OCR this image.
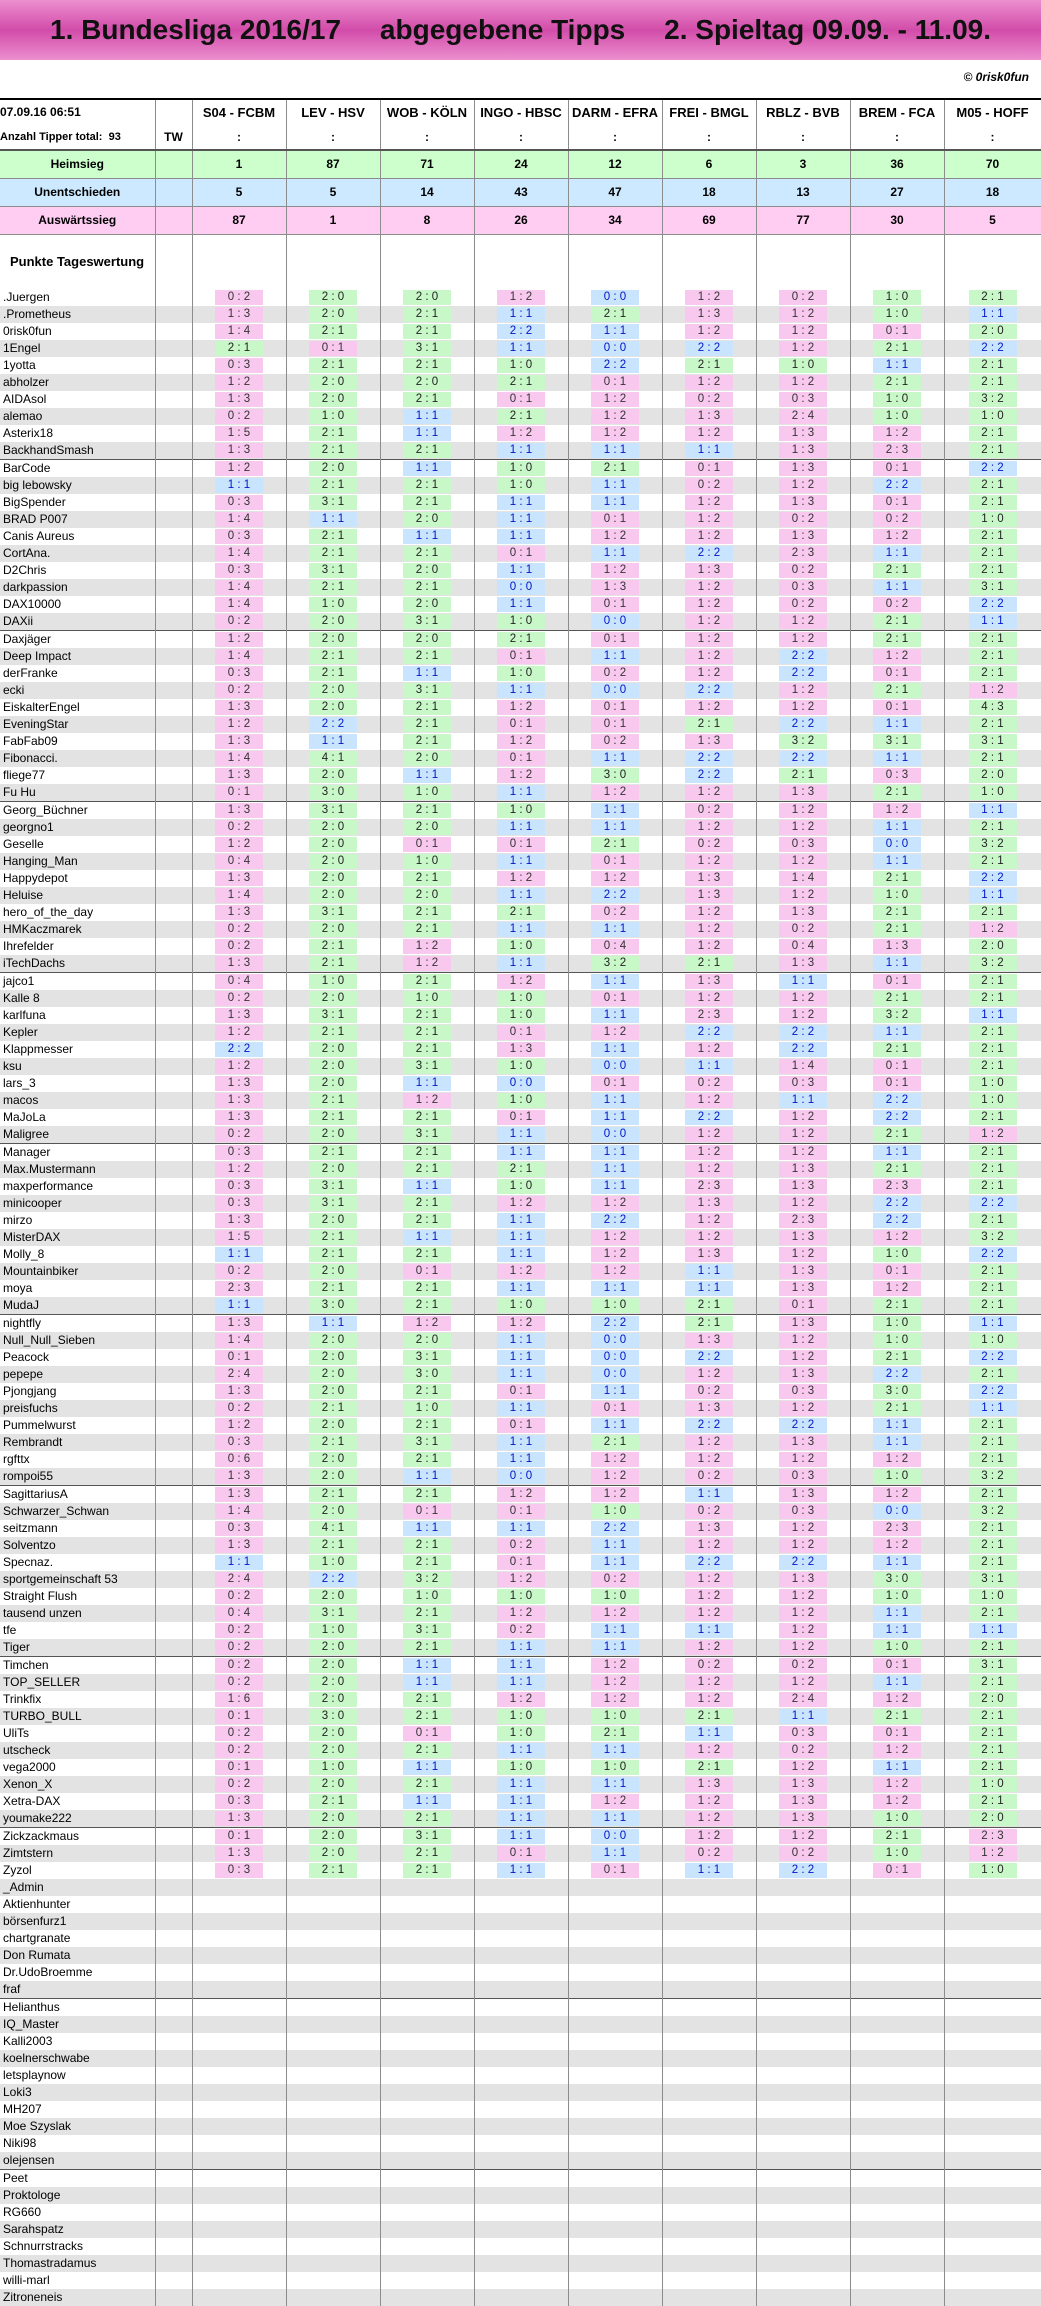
1. Bundesliga 2016/17     abgegebene Tipps     2. Spieltag 09.09. - 11.09.
© 0risk0fun
07.09.16 06:51		S04 - FCBM	LEV - HSV	WOB - KÖLN	INGO - HBSC	DARM - EFRA	FREI - BMGL	RBLZ - BVB	BREM - FCA	M05 - HOFF
Anzahl Tipper total: 93	TW	:	:	:	:	:	:	:	:	:
Heimsieg		1	87	71	24	12	6	3	36	70
Unentschieden		5	5	14	43	47	18	13	27	18
Auswärtssieg		87	1	8	26	34	69	77	30	5
Punkte Tageswertung										
.Juergen		0 : 2	2 : 0	2 : 0	1 : 2	0 : 0	1 : 2	0 : 2	1 : 0	2 : 1

.Prometheus		1 : 3	2 : 0	2 : 1	1 : 1	2 : 1	1 : 3	1 : 2	1 : 0	1 : 1

0risk0fun		1 : 4	2 : 1	2 : 1	2 : 2	1 : 1	1 : 2	1 : 2	0 : 1	2 : 0

1Engel		2 : 1	0 : 1	3 : 1	1 : 1	0 : 0	2 : 2	1 : 2	2 : 1	2 : 2

1yotta		0 : 3	2 : 1	2 : 1	1 : 0	2 : 2	2 : 1	1 : 0	1 : 1	2 : 1

abholzer		1 : 2	2 : 0	2 : 0	2 : 1	0 : 1	1 : 2	1 : 2	2 : 1	2 : 1

AIDAsol		1 : 3	2 : 0	2 : 1	0 : 1	1 : 2	0 : 2	0 : 3	1 : 0	3 : 2

alemao		0 : 2	1 : 0	1 : 1	2 : 1	1 : 2	1 : 3	2 : 4	1 : 0	1 : 0

Asterix18		1 : 5	2 : 1	1 : 1	1 : 2	1 : 2	1 : 2	1 : 3	1 : 2	2 : 1

BackhandSmash		1 : 3	2 : 1	2 : 1	1 : 1	1 : 1	1 : 1	1 : 3	2 : 3	2 : 1

BarCode		1 : 2	2 : 0	1 : 1	1 : 0	2 : 1	0 : 1	1 : 3	0 : 1	2 : 2

big lebowsky		1 : 1	2 : 1	2 : 1	1 : 0	1 : 1	0 : 2	1 : 2	2 : 2	2 : 1

BigSpender		0 : 3	3 : 1	2 : 1	1 : 1	1 : 1	1 : 2	1 : 3	0 : 1	2 : 1

BRAD P007		1 : 4	1 : 1	2 : 0	1 : 1	0 : 1	1 : 2	0 : 2	0 : 2	1 : 0

Canis Aureus		0 : 3	2 : 1	1 : 1	1 : 1	1 : 2	1 : 2	1 : 3	1 : 2	2 : 1

CortAna.		1 : 4	2 : 1	2 : 1	0 : 1	1 : 1	2 : 2	2 : 3	1 : 1	2 : 1

D2Chris		0 : 3	3 : 1	2 : 0	1 : 1	1 : 2	1 : 3	0 : 2	2 : 1	2 : 1

darkpassion		1 : 4	2 : 1	2 : 1	0 : 0	1 : 3	1 : 2	0 : 3	1 : 1	3 : 1

DAX10000		1 : 4	1 : 0	2 : 0	1 : 1	0 : 1	1 : 2	0 : 2	0 : 2	2 : 2

DAXii		0 : 2	2 : 0	3 : 1	1 : 0	0 : 0	1 : 2	1 : 2	2 : 1	1 : 1

Daxjäger		1 : 2	2 : 0	2 : 0	2 : 1	0 : 1	1 : 2	1 : 2	2 : 1	2 : 1

Deep Impact		1 : 4	2 : 1	2 : 1	0 : 1	1 : 1	1 : 2	2 : 2	1 : 2	2 : 1

derFranke		0 : 3	2 : 1	1 : 1	1 : 0	0 : 2	1 : 2	2 : 2	0 : 1	2 : 1

ecki		0 : 2	2 : 0	3 : 1	1 : 1	0 : 0	2 : 2	1 : 2	2 : 1	1 : 2

EiskalterEngel		1 : 3	2 : 0	2 : 1	1 : 2	0 : 1	1 : 2	1 : 2	0 : 1	4 : 3

EveningStar		1 : 2	2 : 2	2 : 1	0 : 1	0 : 1	2 : 1	2 : 2	1 : 1	2 : 1

FabFab09		1 : 3	1 : 1	2 : 1	1 : 2	0 : 2	1 : 3	3 : 2	3 : 1	3 : 1

Fibonacci.		1 : 4	4 : 1	2 : 0	0 : 1	1 : 1	2 : 2	2 : 2	1 : 1	2 : 1

fliege77		1 : 3	2 : 0	1 : 1	1 : 2	3 : 0	2 : 2	2 : 1	0 : 3	2 : 0

Fu Hu		0 : 1	3 : 0	1 : 0	1 : 1	1 : 2	1 : 2	1 : 3	2 : 1	1 : 0

Georg_Büchner		1 : 3	3 : 1	2 : 1	1 : 0	1 : 1	0 : 2	1 : 2	1 : 2	1 : 1

georgno1		0 : 2	2 : 0	2 : 0	1 : 1	1 : 1	1 : 2	1 : 2	1 : 1	2 : 1

Geselle		1 : 2	2 : 0	0 : 1	0 : 1	2 : 1	0 : 2	0 : 3	0 : 0	3 : 2

Hanging_Man		0 : 4	2 : 0	1 : 0	1 : 1	0 : 1	1 : 2	1 : 2	1 : 1	2 : 1

Happydepot		1 : 3	2 : 0	2 : 1	1 : 2	1 : 2	1 : 3	1 : 4	2 : 1	2 : 2

Heluise		1 : 4	2 : 0	2 : 0	1 : 1	2 : 2	1 : 3	1 : 2	1 : 0	1 : 1

hero_of_the_day		1 : 3	3 : 1	2 : 1	2 : 1	0 : 2	1 : 2	1 : 3	2 : 1	2 : 1

HMKaczmarek		0 : 2	2 : 0	2 : 1	1 : 1	1 : 1	1 : 2	0 : 2	2 : 1	1 : 2

Ihrefelder		0 : 2	2 : 1	1 : 2	1 : 0	0 : 4	1 : 2	0 : 4	1 : 3	2 : 0

iTechDachs		1 : 3	2 : 1	1 : 2	1 : 1	3 : 2	2 : 1	1 : 3	1 : 1	3 : 2

jajco1		0 : 4	1 : 0	2 : 1	1 : 2	1 : 1	1 : 3	1 : 1	0 : 1	2 : 1

Kalle 8		0 : 2	2 : 0	1 : 0	1 : 0	0 : 1	1 : 2	1 : 2	2 : 1	2 : 1

karlfuna		1 : 3	3 : 1	2 : 1	1 : 0	1 : 1	2 : 3	1 : 2	3 : 2	1 : 1

Kepler		1 : 2	2 : 1	2 : 1	0 : 1	1 : 2	2 : 2	2 : 2	1 : 1	2 : 1

Klappmesser		2 : 2	2 : 0	2 : 1	1 : 3	1 : 1	1 : 2	2 : 2	2 : 1	2 : 1

ksu		1 : 2	2 : 0	3 : 1	1 : 0	0 : 0	1 : 1	1 : 4	0 : 1	2 : 1

lars_3		1 : 3	2 : 0	1 : 1	0 : 0	0 : 1	0 : 2	0 : 3	0 : 1	1 : 0

macos		1 : 3	2 : 1	1 : 2	1 : 0	1 : 1	1 : 2	1 : 1	2 : 2	1 : 0

MaJoLa		1 : 3	2 : 1	2 : 1	0 : 1	1 : 1	2 : 2	1 : 2	2 : 2	2 : 1

Maligree		0 : 2	2 : 0	3 : 1	1 : 1	0 : 0	1 : 2	1 : 2	2 : 1	1 : 2

Manager		0 : 3	2 : 1	2 : 1	1 : 1	1 : 1	1 : 2	1 : 2	1 : 1	2 : 1

Max.Mustermann		1 : 2	2 : 0	2 : 1	2 : 1	1 : 1	1 : 2	1 : 3	2 : 1	2 : 1

maxperformance		0 : 3	3 : 1	1 : 1	1 : 0	1 : 1	2 : 3	1 : 3	2 : 3	2 : 1

minicooper		0 : 3	3 : 1	2 : 1	1 : 2	1 : 2	1 : 3	1 : 2	2 : 2	2 : 2

mirzo		1 : 3	2 : 0	2 : 1	1 : 1	2 : 2	1 : 2	2 : 3	2 : 2	2 : 1

MisterDAX		1 : 5	2 : 1	1 : 1	1 : 1	1 : 2	1 : 2	1 : 3	1 : 2	3 : 2

Molly_8		1 : 1	2 : 1	2 : 1	1 : 1	1 : 2	1 : 3	1 : 2	1 : 0	2 : 2

Mountainbiker		0 : 2	2 : 0	0 : 1	1 : 2	1 : 2	1 : 1	1 : 3	0 : 1	2 : 1

moya		2 : 3	2 : 1	2 : 1	1 : 1	1 : 1	1 : 1	1 : 3	1 : 2	2 : 1

MudaJ		1 : 1	3 : 0	2 : 1	1 : 0	1 : 0	2 : 1	0 : 1	2 : 1	2 : 1

nightfly		1 : 3	1 : 1	1 : 2	1 : 2	2 : 2	2 : 1	1 : 3	1 : 0	1 : 1

Null_Null_Sieben		1 : 4	2 : 0	2 : 0	1 : 1	0 : 0	1 : 3	1 : 2	1 : 0	1 : 0

Peacock		0 : 1	2 : 0	3 : 1	1 : 1	0 : 0	2 : 2	1 : 2	2 : 1	2 : 2

pepepe		2 : 4	2 : 0	3 : 0	1 : 1	0 : 0	1 : 2	1 : 3	2 : 2	2 : 1

Pjongjang		1 : 3	2 : 0	2 : 1	0 : 1	1 : 1	0 : 2	0 : 3	3 : 0	2 : 2

preisfuchs		0 : 2	2 : 1	1 : 0	1 : 1	0 : 1	1 : 3	1 : 2	2 : 1	1 : 1

Pummelwurst		1 : 2	2 : 0	2 : 1	0 : 1	1 : 1	2 : 2	2 : 2	1 : 1	2 : 1

Rembrandt		0 : 3	2 : 1	3 : 1	1 : 1	2 : 1	1 : 2	1 : 3	1 : 1	2 : 1

rgfttx		0 : 6	2 : 0	2 : 1	1 : 1	1 : 2	1 : 2	1 : 2	1 : 2	2 : 1

rompoi55		1 : 3	2 : 0	1 : 1	0 : 0	1 : 2	0 : 2	0 : 3	1 : 0	3 : 2

SagittariusA		1 : 3	2 : 1	2 : 1	1 : 2	1 : 2	1 : 1	1 : 3	1 : 2	2 : 1

Schwarzer_Schwan		1 : 4	2 : 0	0 : 1	0 : 1	1 : 0	0 : 2	0 : 3	0 : 0	3 : 2

seitzmann		0 : 3	4 : 1	1 : 1	1 : 1	2 : 2	1 : 3	1 : 2	2 : 3	2 : 1

Solventzo		1 : 3	2 : 1	2 : 1	0 : 2	1 : 1	1 : 2	1 : 2	1 : 2	2 : 1

Specnaz.		1 : 1	1 : 0	2 : 1	0 : 1	1 : 1	2 : 2	2 : 2	1 : 1	2 : 1

sportgemeinschaft 53		2 : 4	2 : 2	3 : 2	1 : 2	0 : 2	1 : 2	1 : 3	3 : 0	3 : 1

Straight Flush		0 : 2	2 : 0	1 : 0	1 : 0	1 : 0	1 : 2	1 : 2	1 : 0	1 : 0

tausend unzen		0 : 4	3 : 1	2 : 1	1 : 2	1 : 2	1 : 2	1 : 2	1 : 1	2 : 1

tfe		0 : 2	1 : 0	3 : 1	0 : 2	1 : 1	1 : 1	1 : 2	1 : 1	1 : 1

Tiger		0 : 2	2 : 0	2 : 1	1 : 1	1 : 1	1 : 2	1 : 2	1 : 0	2 : 1

Timchen		0 : 2	2 : 0	1 : 1	1 : 1	1 : 2	0 : 2	0 : 2	0 : 1	3 : 1

TOP_SELLER		0 : 2	2 : 0	1 : 1	1 : 1	1 : 2	1 : 2	1 : 2	1 : 1	2 : 1

Trinkfix		1 : 6	2 : 0	2 : 1	1 : 2	1 : 2	1 : 2	2 : 4	1 : 2	2 : 0

TURBO_BULL		0 : 1	3 : 0	2 : 1	1 : 0	1 : 0	2 : 1	1 : 1	2 : 1	2 : 1

UliTs		0 : 2	2 : 0	0 : 1	1 : 0	2 : 1	1 : 1	0 : 3	0 : 1	2 : 1

utscheck		0 : 2	2 : 0	2 : 1	1 : 1	1 : 1	1 : 2	0 : 2	1 : 2	2 : 1

vega2000		0 : 1	1 : 0	1 : 1	1 : 0	1 : 0	2 : 1	1 : 2	1 : 1	2 : 1

Xenon_X		0 : 2	2 : 0	2 : 1	1 : 1	1 : 1	1 : 3	1 : 3	1 : 2	1 : 0

Xetra-DAX		0 : 3	2 : 1	1 : 1	1 : 1	1 : 2	1 : 2	1 : 3	1 : 2	2 : 1

youmake222		1 : 3	2 : 0	2 : 1	1 : 1	1 : 1	1 : 2	1 : 3	1 : 0	2 : 0

Zickzackmaus		0 : 1	2 : 0	3 : 1	1 : 1	0 : 0	1 : 2	1 : 2	2 : 1	2 : 3

Zimtstern		1 : 3	2 : 0	2 : 1	0 : 1	1 : 1	0 : 2	0 : 2	1 : 0	1 : 2

Zyzol		0 : 3	2 : 1	2 : 1	1 : 1	0 : 1	1 : 1	2 : 2	0 : 1	1 : 0

_Admin										
Aktienhunter										
börsenfurz1										
chartgranate										
Don Rumata										
Dr.UdoBroemme										
fraf										
Helianthus										
IQ_Master										
Kalli2003										
koelnerschwabe										
letsplaynow										
Loki3										
MH207										
Moe Szyslak										
Niki98										
olejensen										
Peet										
Proktologe										
RG660										
Sarahspatz										
Schnurrstracks										
Thomastradamus										
willi-marl										
Zitroneneis										
